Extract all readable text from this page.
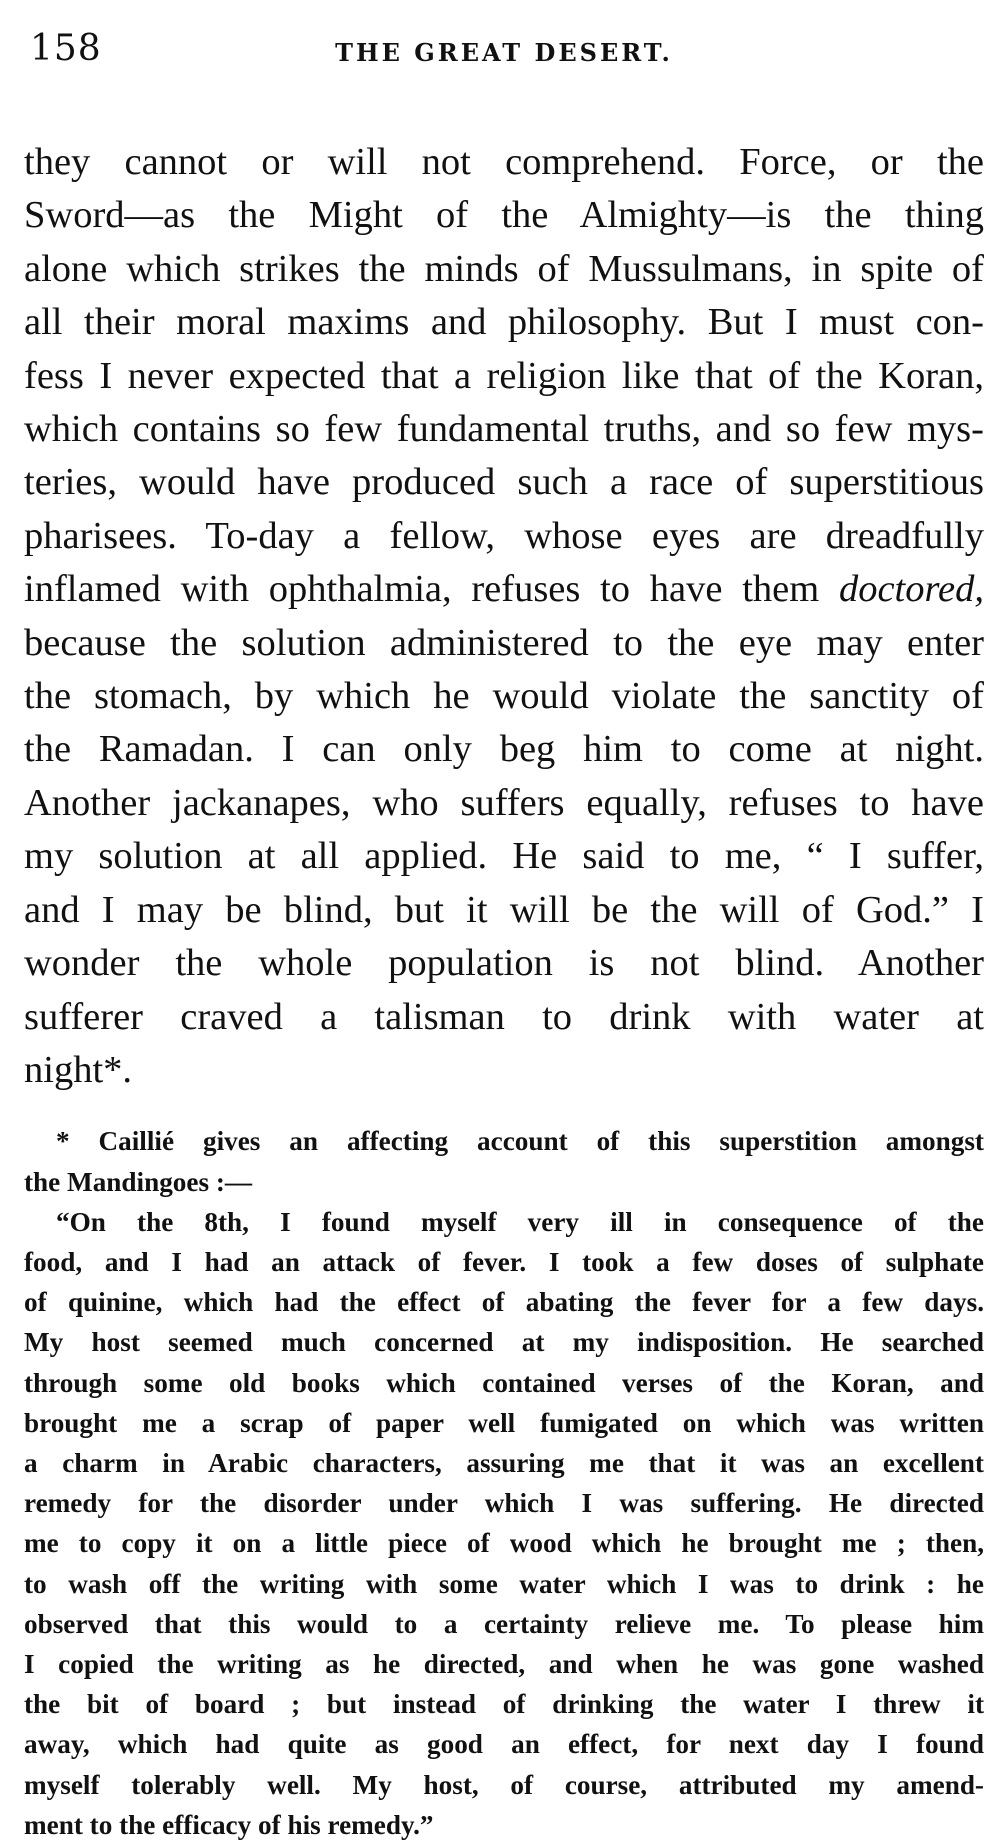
158	THE GREAT DESERT.
they cannot or will not comprehend. Force, or the
Sword—as the Might of the Almighty—is the thing
alone which strikes the minds of Mussulmans, in spite of
all their moral maxims and philosophy. But I must con-
fess I never expected that a religion like that of the Koran,
which contains so few fundamental truths, and so few mys-
teries, would have produced such a race of superstitious
pharisees. To-day a fellow, whose eyes are dreadfully
inflamed with ophthalmia, refuses to have them doctored,
because the solution administered to the eye may enter
the stomach, by which he would violate the sanctity of
the Ramadan. I can only beg him to come at night.
Another jackanapes, who suffers equally, refuses to have
my solution at all applied. He said to me, “ I suffer,
and I may be blind, but it will be the will of God.” I
wonder the whole population is not blind. Another
sufferer craved a talisman to drink with water at
night*.
* Caillié gives an affecting account of this superstition amongst
the Mandingoes :—
“On the 8th, I found myself very ill in consequence of the
food, and I had an attack of fever. I took a few doses of sulphate
of quinine, which had the effect of abating the fever for a few days.
My host seemed much concerned at my indisposition. He searched
through some old books which contained verses of the Koran, and
brought me a scrap of paper well fumigated on which was written
a charm in Arabic characters, assuring me that it was an excellent
remedy for the disorder under which I was suffering. He directed
me to copy it on a little piece of wood which he brought me ; then,
to wash off the writing with some water which I was to drink : he
observed that this would to a certainty relieve me. To please him
I copied the writing as he directed, and when he was gone washed
the bit of board ; but instead of drinking the water I threw it
away, which had quite as good an effect, for next day I found
myself tolerably well. My host, of course, attributed my amend-
ment to the efficacy of his remedy.”
